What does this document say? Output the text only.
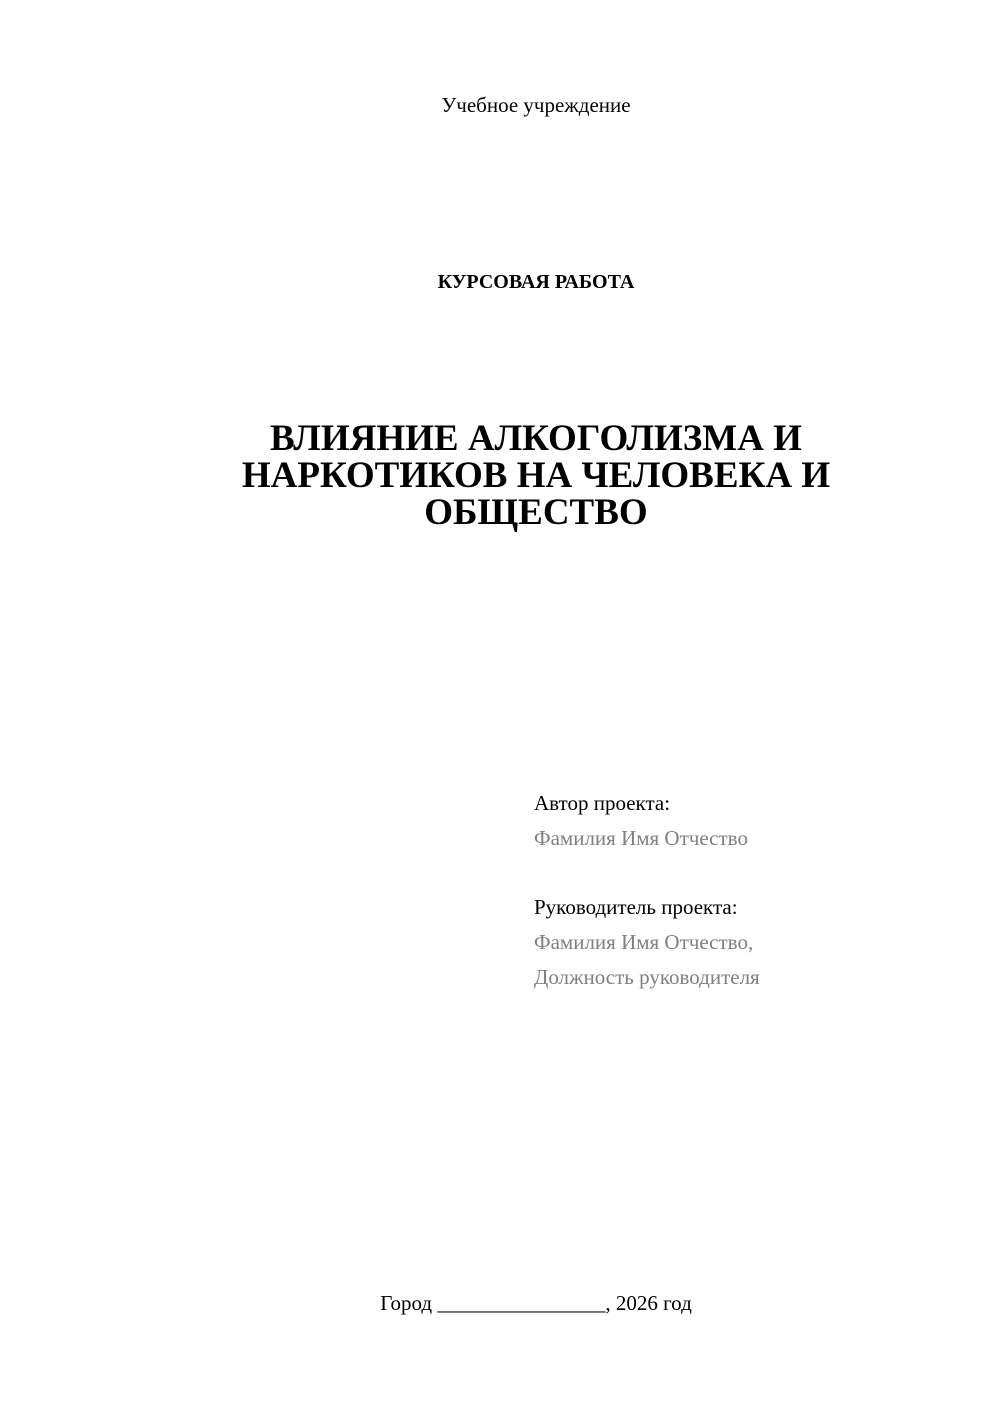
Учебное учреждение
КУРСОВАЯ РАБОТА
ВЛИЯНИЕ АЛКОГОЛИЗМА И
НАРКОТИКОВ НА ЧЕЛОВЕКА И
ОБЩЕСТВО
Автор проекта:
Фамилия Имя Отчество
Руководитель проекта:
Фамилия Имя Отчество,
Должность руководителя
Город ________________, 2026 год
